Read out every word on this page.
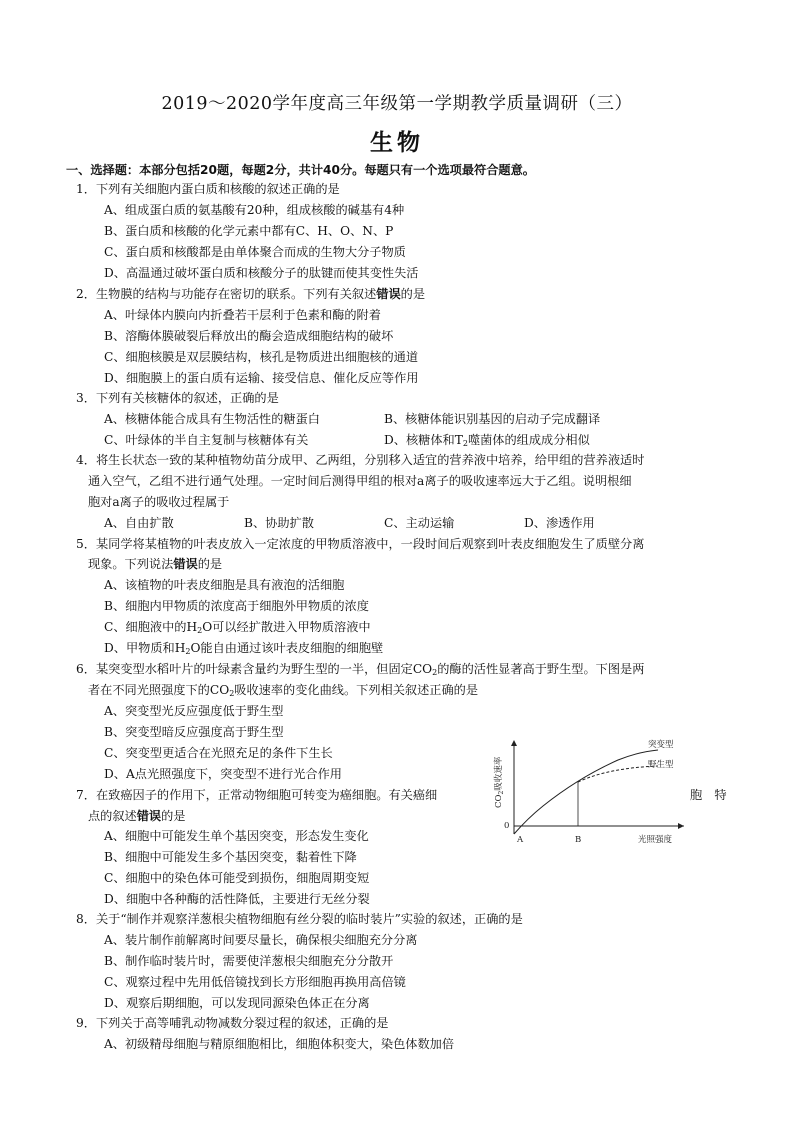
2019～2020学年度高三年级第一学期教学质量调研（三）
生物
一、选择题：本部分包括20题，每题2分，共计40分。每题只有一个选项最符合题意。
1．下列有关细胞内蛋白质和核酸的叙述正确的是
A、组成蛋白质的氨基酸有20种，组成核酸的碱基有4种
B、蛋白质和核酸的化学元素中都有C、H、O、N、P
C、蛋白质和核酸都是由单体聚合而成的生物大分子物质
D、高温通过破坏蛋白质和核酸分子的肽键而使其变性失活
2．生物膜的结构与功能存在密切的联系。下列有关叙述错误的是
A、叶绿体内膜向内折叠若干层利于色素和酶的附着
B、溶酶体膜破裂后释放出的酶会造成细胞结构的破坏
C、细胞核膜是双层膜结构，核孔是物质进出细胞核的通道
D、细胞膜上的蛋白质有运输、接受信息、催化反应等作用
3．下列有关核糖体的叙述，正确的是
A、核糖体能合成具有生物活性的糖蛋白	B、核糖体能识别基因的启动子完成翻译
C、叶绿体的半自主复制与核糖体有关	D、核糖体和$T_2$噬菌体的组成成分相似
4．将生长状态一致的某种植物幼苗分成甲、乙两组，分别移入适宜的营养液中培养，给甲组的营养液适时
通入空气，乙组不进行通气处理。一定时间后测得甲组的根对a离子的吸收速率远大于乙组。说明根细
胞对a离子的吸收过程属于
A、自由扩散	B、协助扩散	C、主动运输	D、渗透作用
5．某同学将某植物的叶表皮放入一定浓度的甲物质溶液中，一段时间后观察到叶表皮细胞发生了质壁分离
现象。下列说法错误的是
A、该植物的叶表皮细胞是具有液泡的活细胞
B、细胞内甲物质的浓度高于细胞外甲物质的浓度
C、细胞液中的$H_2O$可以经扩散进入甲物质溶液中
D、甲物质和$H_2O$能自由通过该叶表皮细胞的细胞壁
6．某突变型水稻叶片的叶绿素含量约为野生型的一半，但固定$CO_2$的酶的活性显著高于野生型。下图是两
者在不同光照强度下的$CO_2$吸收速率的变化曲线。下列相关叙述正确的是
A、突变型光反应强度低于野生型
B、突变型暗反应强度高于野生型
C、突变型更适合在光照充足的条件下生长
D、A点光照强度下，突变型不进行光合作用
7．在致癌因子的作用下，正常动物细胞可转变为癌细胞。有关癌细	胞　特
点的叙述错误的是
A、细胞中可能发生单个基因突变，形态发生变化
B、细胞中可能发生多个基因突变，黏着性下降
C、细胞中的染色体可能受到损伤，细胞周期变短
D、细胞中各种酶的活性降低，主要进行无丝分裂
8．关于“制作并观察洋葱根尖植物细胞有丝分裂的临时装片”实验的叙述，正确的是
A、装片制作前解离时间要尽量长，确保根尖细胞充分分离
B、制作临时装片时，需要使洋葱根尖细胞充分分散开
C、观察过程中先用低倍镜找到长方形细胞再换用高倍镜
D、观察后期细胞，可以发现同源染色体正在分离
9．下列关于高等哺乳动物减数分裂过程的叙述，正确的是
A、初级精母细胞与精原细胞相比，细胞体积变大，染色体数加倍
$CO_2$吸收速率
0
A	B	光照强度
突变型
野生型
